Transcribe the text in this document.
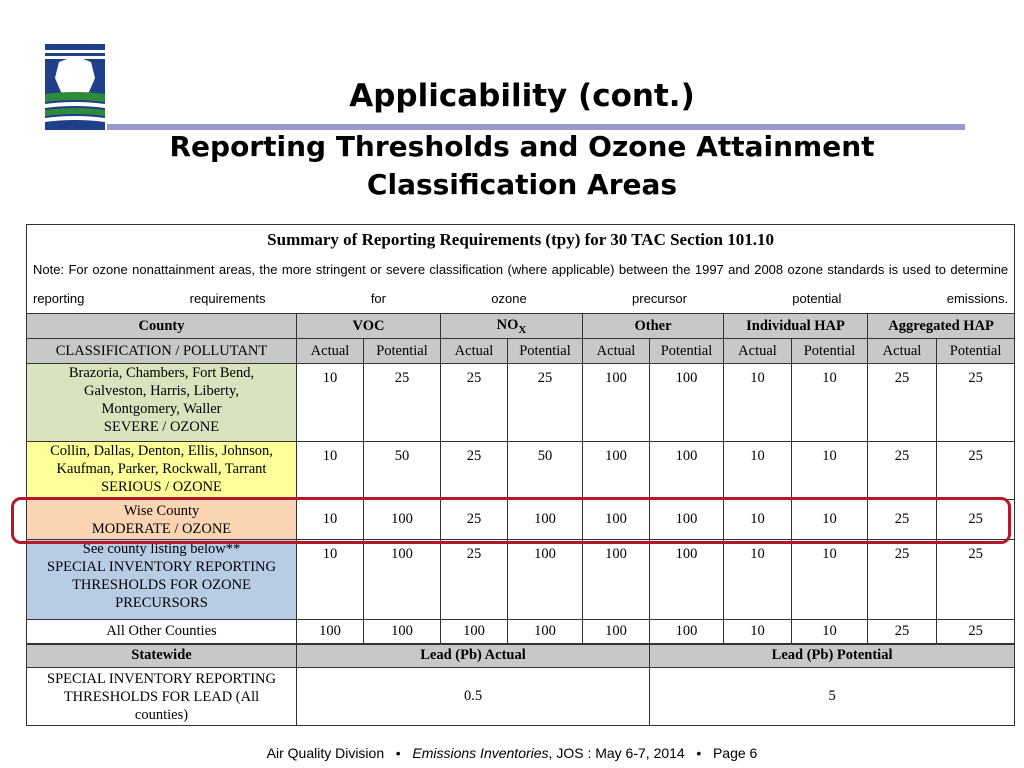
Applicability (cont.)
Reporting Thresholds and Ozone Attainment
Classification Areas
Summary of Reporting Requirements (tpy) for 30 TAC Section 101.10										
Note: For ozone nonattainment areas, the more stringent or severe classification (where applicable) between the 1997 and 2008 ozone standards is used to determine reporting requirements for ozone precursor potential emissions.										
County	VOC		$NO_X$		Other		Individual HAP		Aggregated HAP	
CLASSIFICATION / POLLUTANT	Actual	Potential	Actual	Potential	Actual	Potential	Actual	Potential	Actual	Potential

Brazoria, Chambers, Fort Bend,
Galveston, Harris, Liberty,
Montgomery, Waller
SEVERE / OZONE	10	25	25	25	100	100	10	10	25	25

Collin, Dallas, Denton, Ellis, Johnson,
Kaufman, Parker, Rockwall, Tarrant
SERIOUS / OZONE	10	50	25	50	100	100	10	10	25	25

Wise County
MODERATE / OZONE	10	100	25	100	100	100	10	10	25	25

See county listing below**
SPECIAL INVENTORY REPORTING
THRESHOLDS FOR OZONE
PRECURSORS	10	100	25	100	100	100	10	10	25	25
All Other Counties	100	100	100	100	100	100	10	10	25	25
Statewide	Lead (Pb) Actual					Lead (Pb) Potential				

SPECIAL INVENTORY REPORTING
THRESHOLDS FOR LEAD (All
counties)	0.5					5				
Air Quality Division • Emissions Inventories, JOS : May 6-7, 2014 • Page 6
